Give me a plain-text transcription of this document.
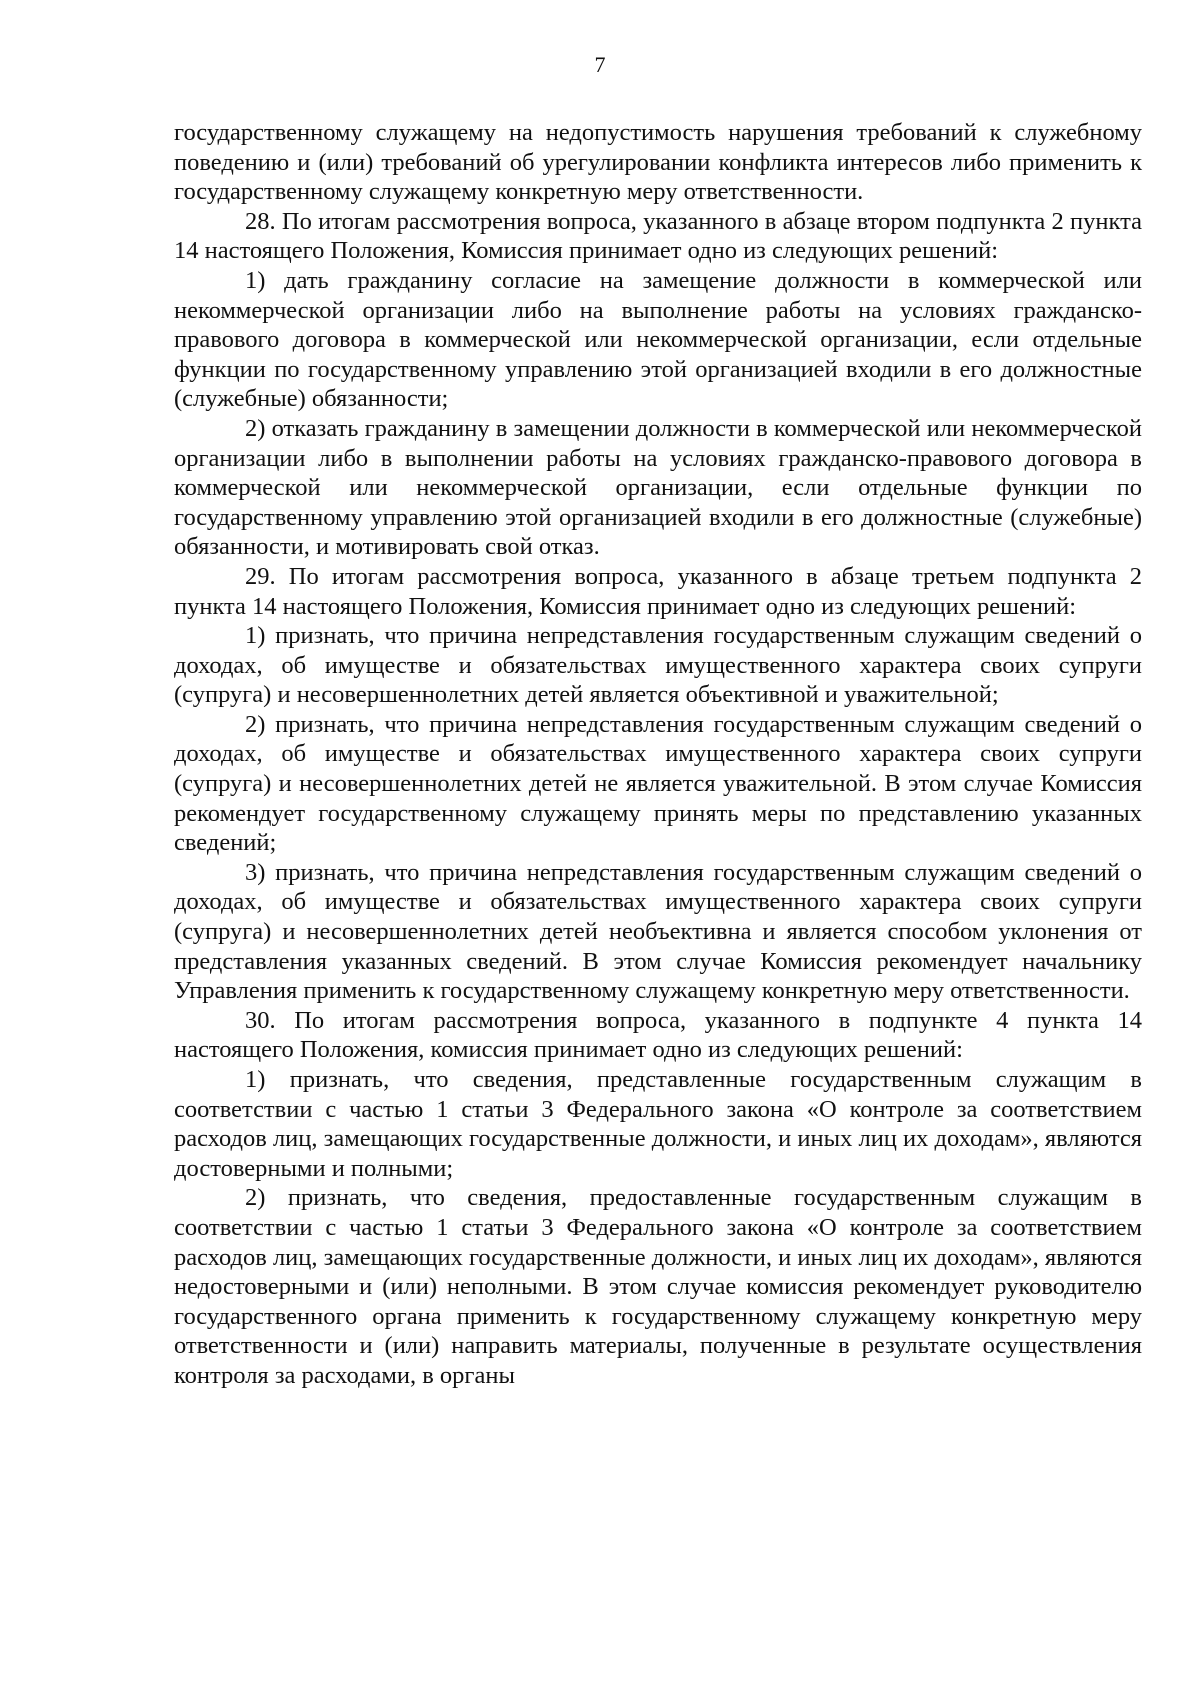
7

государственному служащему на недопустимость нарушения требований к служебному поведению и (или) требований об урегулировании конфликта интересов либо применить к государственному служащему конкретную меру ответственности.

28. По итогам рассмотрения вопроса, указанного в абзаце втором подпункта 2 пункта 14 настоящего Положения, Комиссия принимает одно из следующих решений:

1) дать гражданину согласие на замещение должности в коммерческой или некоммерческой организации либо на выполнение работы на условиях гражданско-правового договора в коммерческой или некоммерческой организации, если отдельные функции по государственному управлению этой организацией входили в его должностные (служебные) обязанности;

2) отказать гражданину в замещении должности в коммерческой или некоммерческой организации либо в выполнении работы на условиях гражданско-правового договора в коммерческой или некоммерческой организации, если отдельные функции по государственному управлению этой организацией входили в его должностные (служебные) обязанности, и мотивировать свой отказ.

29. По итогам рассмотрения вопроса, указанного в абзаце третьем подпункта 2 пункта 14 настоящего Положения, Комиссия принимает одно из следующих решений:

1) признать, что причина непредставления государственным служащим сведений о доходах, об имуществе и обязательствах имущественного характера своих супруги (супруга) и несовершеннолетних детей является объективной и уважительной;

2) признать, что причина непредставления государственным служащим сведений о доходах, об имуществе и обязательствах имущественного характера своих супруги (супруга) и несовершеннолетних детей не является уважительной. В этом случае Комиссия рекомендует государственному служащему принять меры по представлению указанных сведений;

3) признать, что причина непредставления государственным служащим сведений о доходах, об имуществе и обязательствах имущественного характера своих супруги (супруга) и несовершеннолетних детей необъективна и является способом уклонения от представления указанных сведений. В этом случае Комиссия рекомендует начальнику Управления применить к государственному служащему конкретную меру ответственности.

30. По итогам рассмотрения вопроса, указанного в подпункте 4 пункта 14 настоящего Положения, комиссия принимает одно из следующих решений:

1) признать, что сведения, представленные государственным служащим в соответствии с частью 1 статьи 3 Федерального закона «О контроле за соответствием расходов лиц, замещающих государственные должности, и иных лиц их доходам», являются достоверными и полными;

2) признать, что сведения, предоставленные государственным служащим в соответствии с частью 1 статьи 3 Федерального закона «О контроле за соответствием расходов лиц, замещающих государственные должности, и иных лиц их доходам», являются недостоверными и (или) неполными. В этом случае комиссия рекомендует руководителю государственного органа применить к государственному служащему конкретную меру ответственности и (или) направить материалы, полученные в результате осуществления контроля за расходами, в органы
